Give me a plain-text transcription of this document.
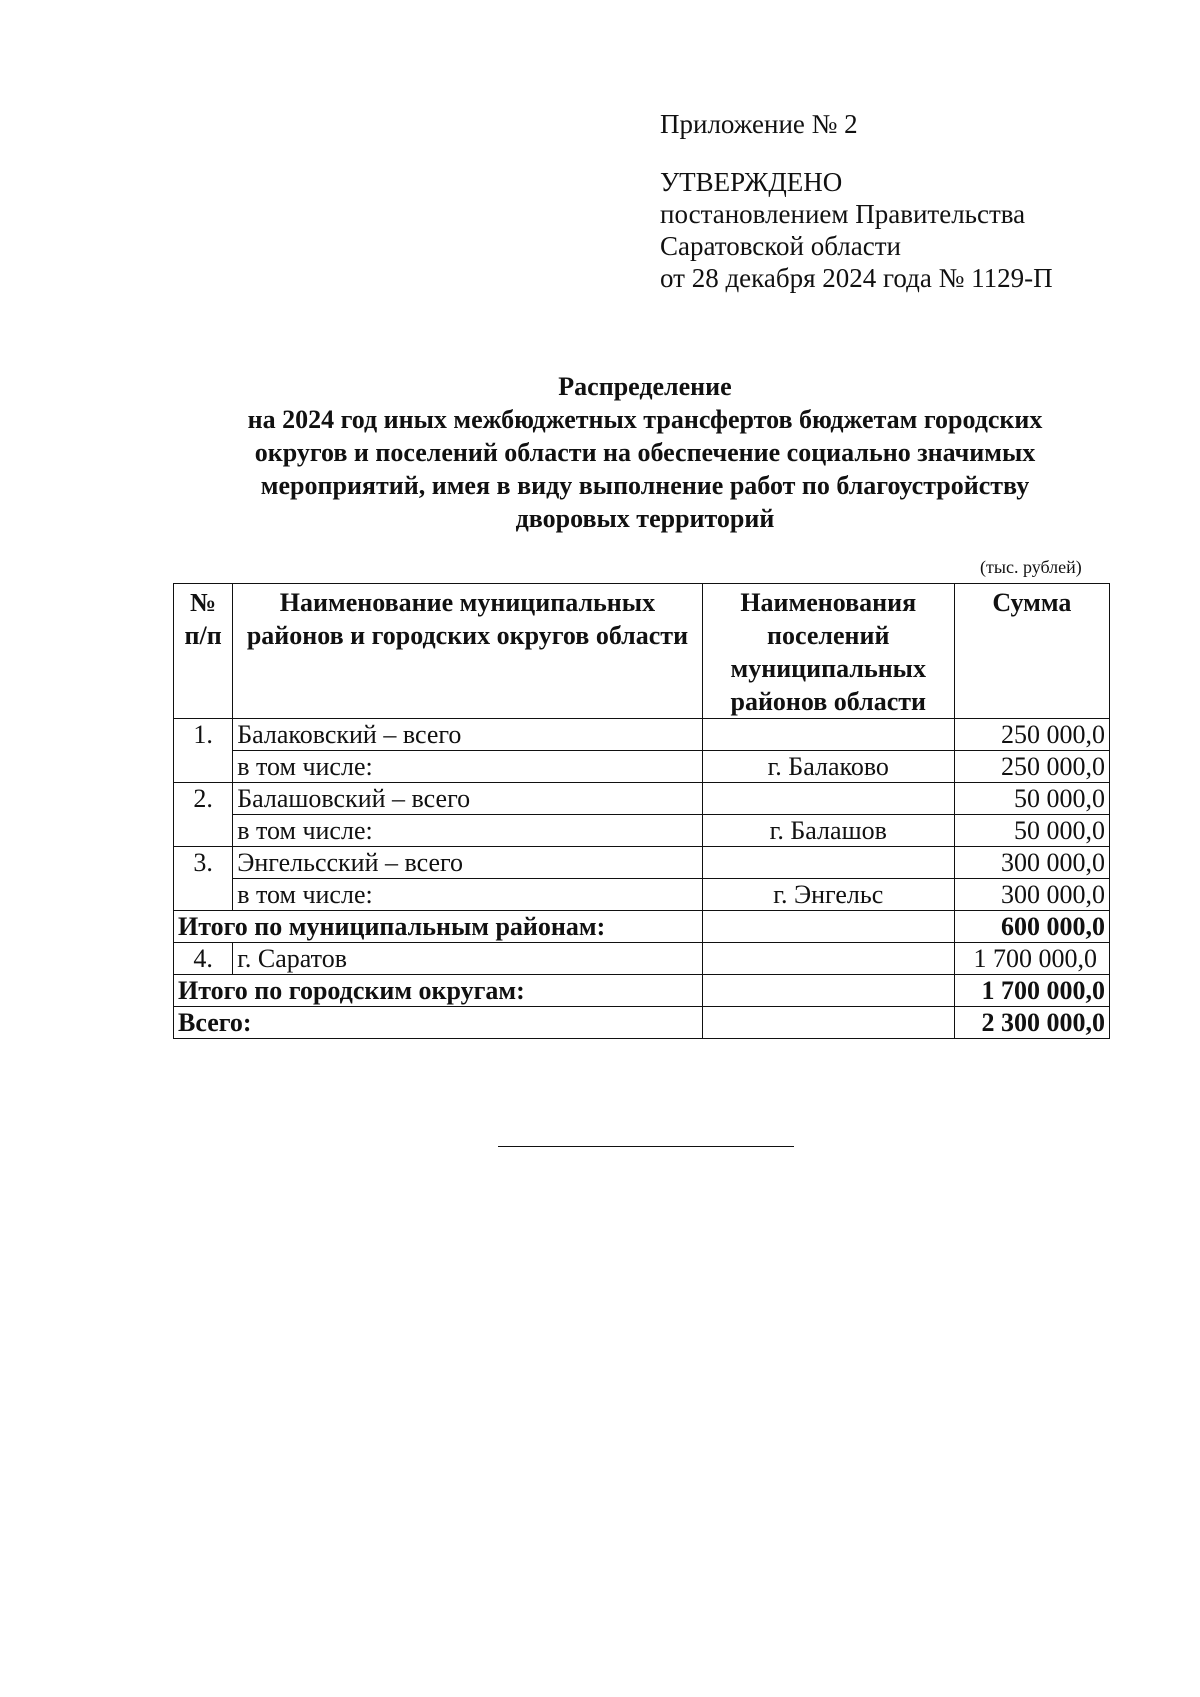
Приложение № 2
УТВЕРЖДЕНО
постановлением Правительства
Саратовской области
от 28 декабря 2024 года № 1129-П
Распределение
на 2024 год иных межбюджетных трансфертов бюджетам городских
округов и поселений области на обеспечение социально значимых
мероприятий, имея в виду выполнение работ по благоустройству
дворовых территорий
(тыс. рублей)
№ п/п	Наименование муниципальных районов и городских округов области	Наименования поселений муниципальных районов области	Сумма
1.	Балаковский – всего		250 000,0
	в том числе:	г. Балаково	250 000,0
2.	Балашовский – всего		50 000,0
	в том числе:	г. Балашов	50 000,0
3.	Энгельсский – всего		300 000,0
	в том числе:	г. Энгельс	300 000,0
Итого по муниципальным районам:			600 000,0
4.	г. Саратов		1 700 000,0
Итого по городским округам:			1 700 000,0
Всего:			2 300 000,0
